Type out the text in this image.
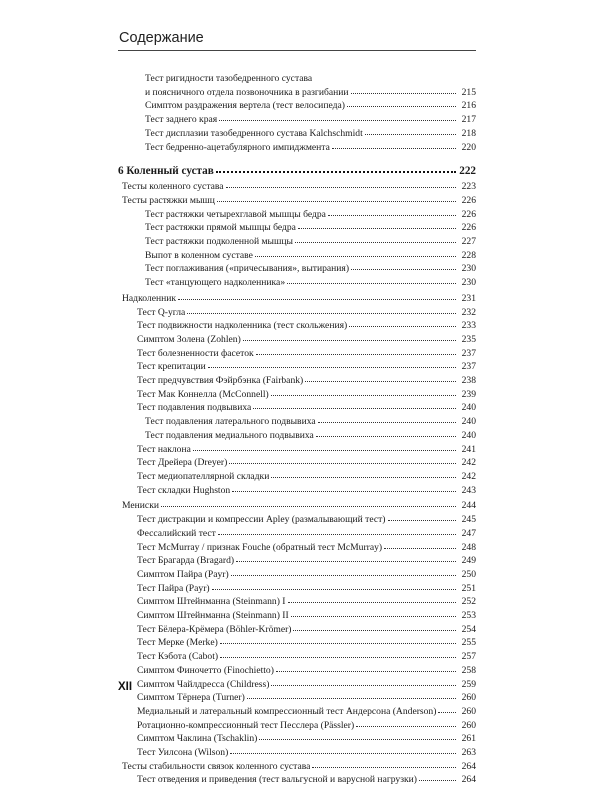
Содержание
Тест ригидности тазобедренного сустава
и поясничного отдела позвоночника в разгибании	215
Симптом раздражения вертела (тест велосипеда)	216
Тест заднего края	217
Тест дисплазии тазобедренного сустава Kalchschmidt	218
Тест бедренно-ацетабулярного импиджмента	220
6 Коленный сустав	222
Тесты коленного сустава	223
Тесты растяжки мышц	226
Тест растяжки четырехглавой мышцы бедра	226
Тест растяжки прямой мышцы бедра	226
Тест растяжки подколенной мышцы	227
Выпот в коленном суставе	228
Тест поглаживания («причесывания», вытирания)	230
Тест «танцующего надколенника»	230
Надколенник	231
Тест Q-угла	232
Тест подвижности надколенника (тест скольжения)	233
Симптом Золена (Zohlen)	235
Тест болезненности фасеток	237
Тест крепитации	237
Тест предчувствия Фэйрбэнка (Fairbank)	238
Тест Мак Коннелла (McConnell)	239
Тест подавления подвывиха	240
Тест подавления латерального подвывиха	240
Тест подавления медиального подвывиха	240
Тест наклона	241
Тест Дрейера (Dreyer)	242
Тест медиопателлярной складки	242
Тест складки Hughston	243
Мениски	244
Тест дистракции и компрессии Apley (размалывающий тест)	245
Фессалийский тест	247
Тест McMurray / признак Fouche (обратный тест McMurray)	248
Тест Брагарда (Bragard)	249
Симптом Пайра (Payr)	250
Тест Пайра (Payr)	251
Симптом Штейнманна (Steinmann) I	252
Симптом Штейнманна (Steinmann) II	253
Тест Бёлера-Крёмера (Böhler-Krömer)	254
Тест Мерке (Merke)	255
Тест Кэбота (Cabot)	257
Симптом Финочетто (Finochietto)	258
Симптом Чайлдресса (Childress)	259
Симптом Тёрнера (Turner)	260
Медиальный и латеральный компрессионный тест Андерсона (Anderson)	260
Ротационно-компрессионный тест Песслера (Pässler)	260
Симптом Чаклина (Tschaklin)	261
Тест Уилсона (Wilson)	263
Тесты стабильности связок коленного сустава	264
Тест отведения и приведения (тест вальгусной и варусной нагрузки)	264
XII
